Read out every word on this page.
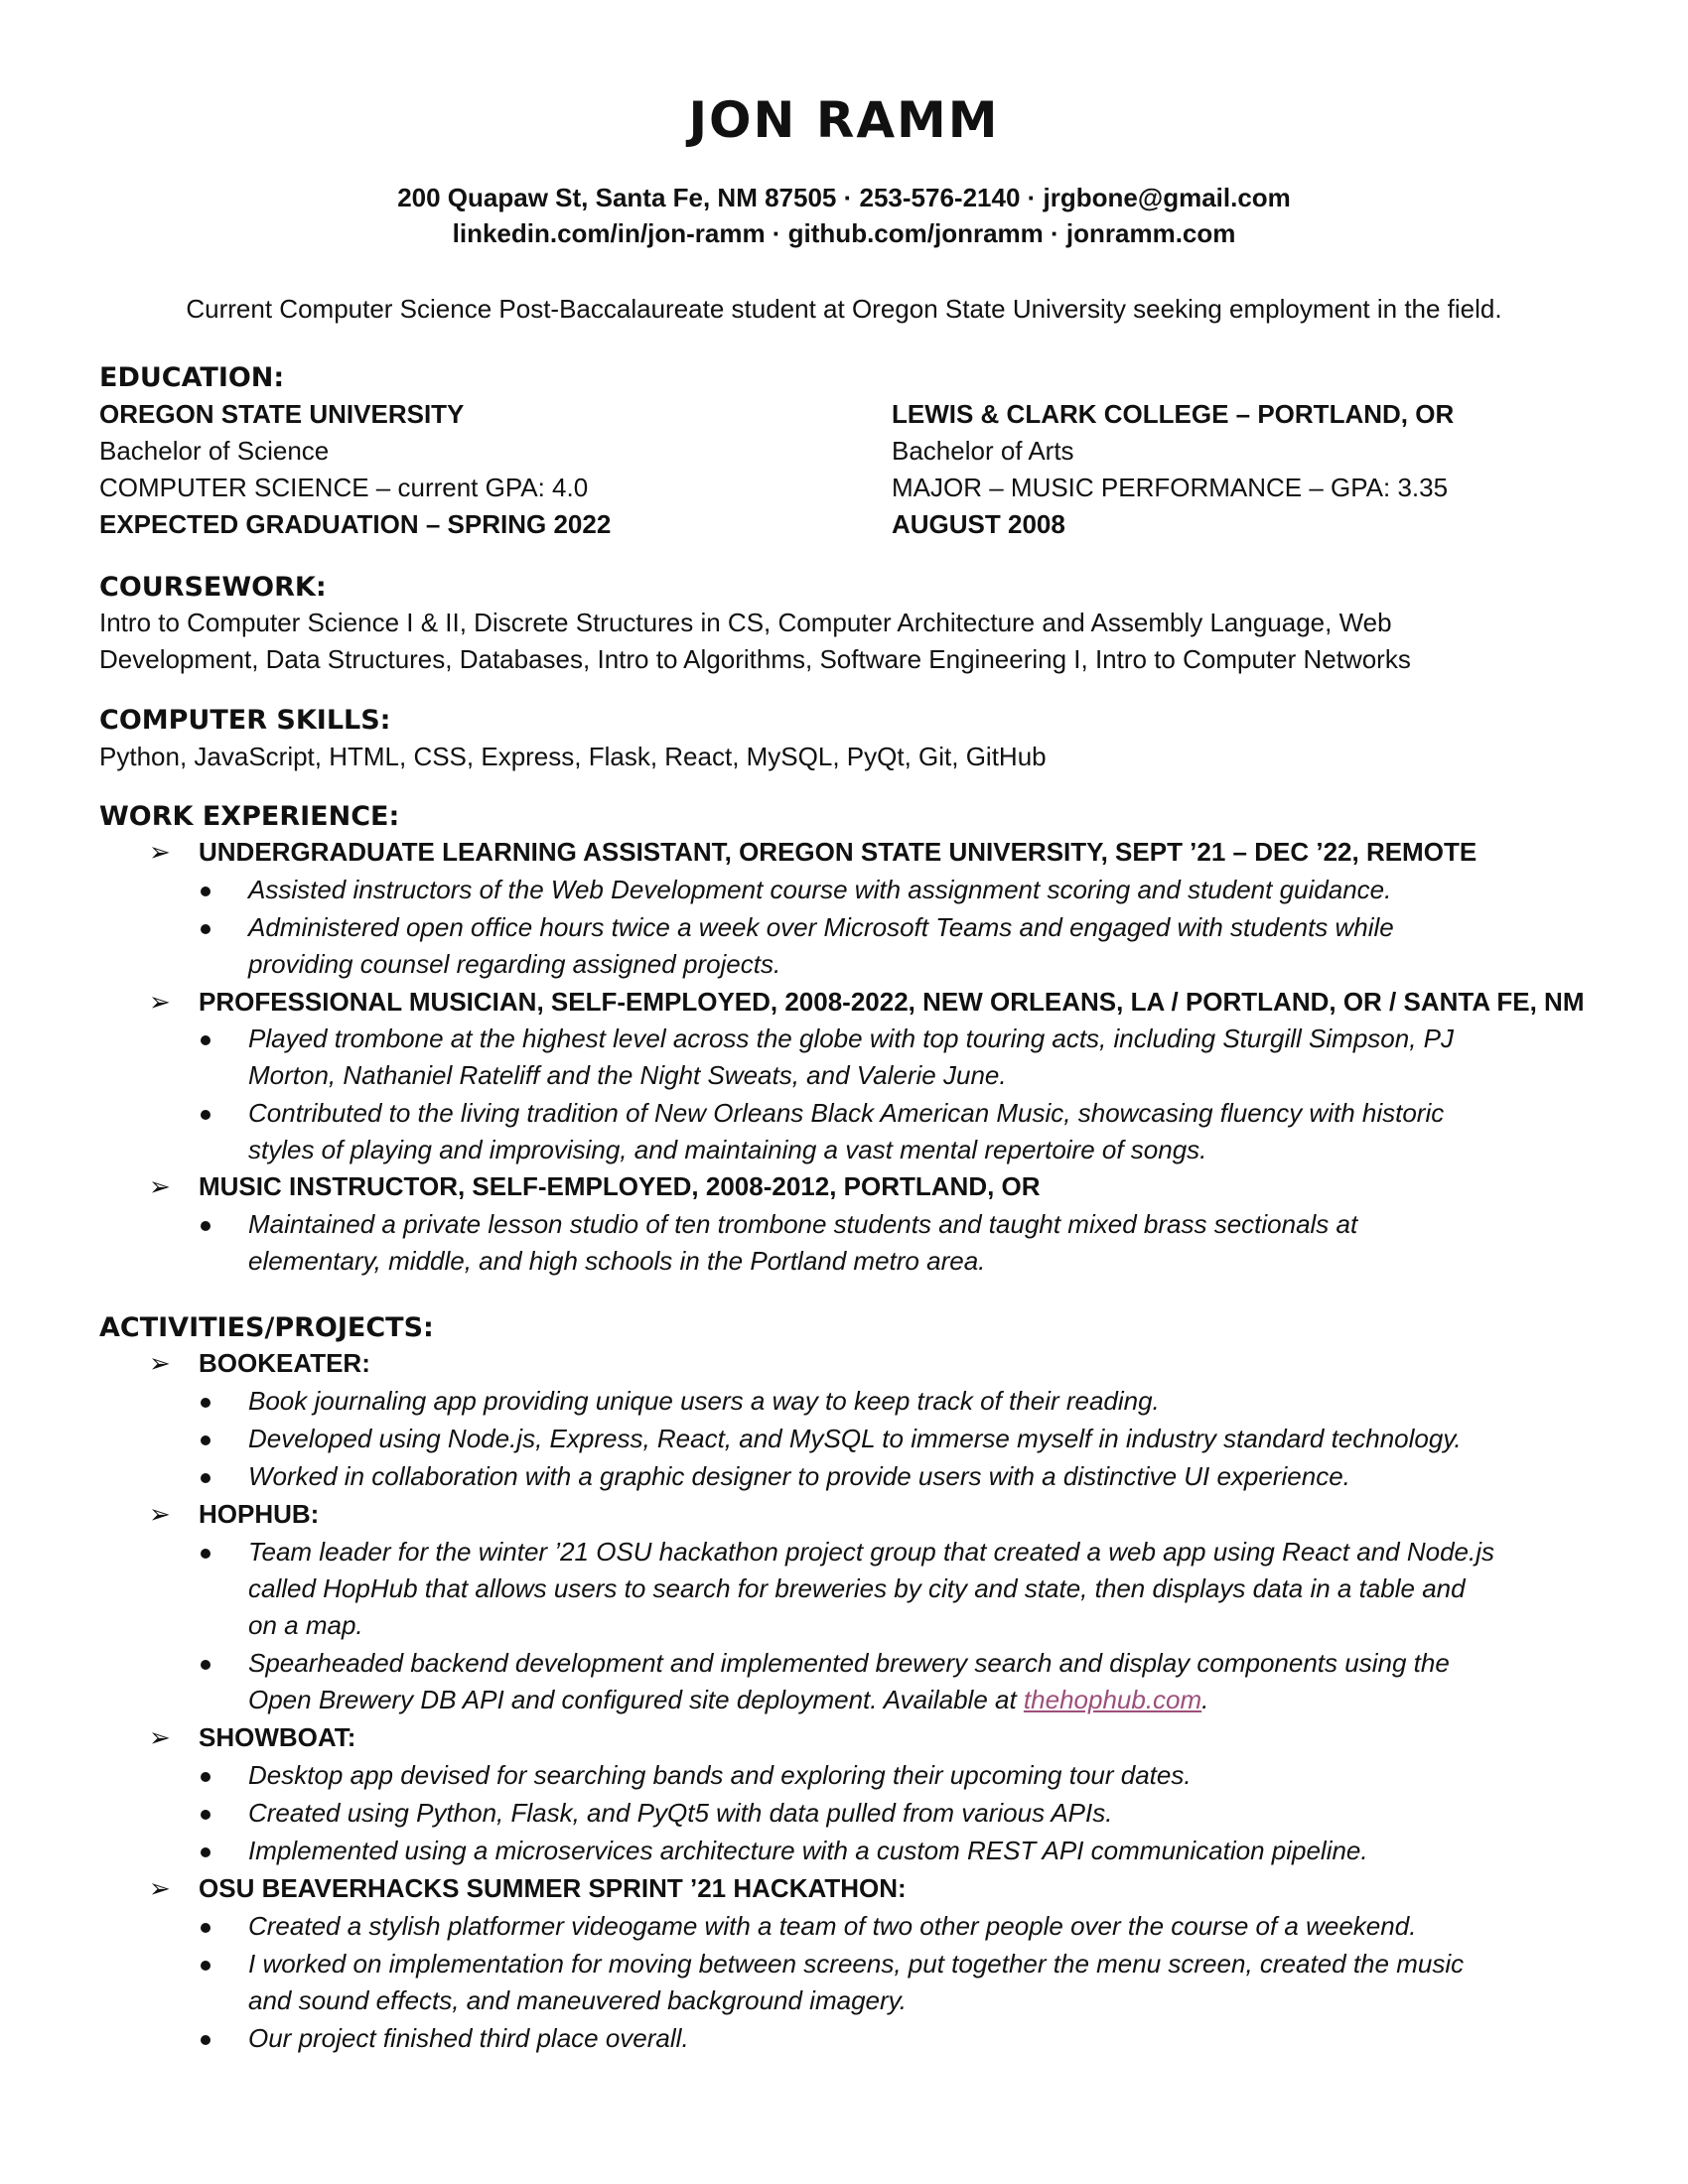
JON RAMM
200 Quapaw St, Santa Fe, NM 87505 · 253-576-2140 · jrgbone@gmail.com
linkedin.com/in/jon-ramm · github.com/jonramm · jonramm.com
Current Computer Science Post-Baccalaureate student at Oregon State University seeking employment in the field.
EDUCATION:
OREGON STATE UNIVERSITY
Bachelor of Science
COMPUTER SCIENCE – current GPA: 4.0
EXPECTED GRADUATION – SPRING 2022
LEWIS & CLARK COLLEGE – PORTLAND, OR
Bachelor of Arts
MAJOR – MUSIC PERFORMANCE – GPA: 3.35
AUGUST 2008
COURSEWORK:
Intro to Computer Science I & II, Discrete Structures in CS, Computer Architecture and Assembly Language, Web
Development, Data Structures, Databases, Intro to Algorithms, Software Engineering I, Intro to Computer Networks
COMPUTER SKILLS:
Python, JavaScript, HTML, CSS, Express, Flask, React, MySQL, PyQt, Git, GitHub
WORK EXPERIENCE:
➢ UNDERGRADUATE LEARNING ASSISTANT, OREGON STATE UNIVERSITY, SEPT ’21 – DEC ’22, REMOTE
Assisted instructors of the Web Development course with assignment scoring and student guidance.
Administered open office hours twice a week over Microsoft Teams and engaged with students while
providing counsel regarding assigned projects.
➢ PROFESSIONAL MUSICIAN, SELF-EMPLOYED, 2008-2022, NEW ORLEANS, LA / PORTLAND, OR / SANTA FE, NM
Played trombone at the highest level across the globe with top touring acts, including Sturgill Simpson, PJ
Morton, Nathaniel Rateliff and the Night Sweats, and Valerie June.
Contributed to the living tradition of New Orleans Black American Music, showcasing fluency with historic
styles of playing and improvising, and maintaining a vast mental repertoire of songs.
➢ MUSIC INSTRUCTOR, SELF-EMPLOYED, 2008-2012, PORTLAND, OR
Maintained a private lesson studio of ten trombone students and taught mixed brass sectionals at
elementary, middle, and high schools in the Portland metro area.
ACTIVITIES/PROJECTS:
➢ BOOKEATER:
Book journaling app providing unique users a way to keep track of their reading.
Developed using Node.js, Express, React, and MySQL to immerse myself in industry standard technology.
Worked in collaboration with a graphic designer to provide users with a distinctive UI experience.
➢ HOPHUB:
Team leader for the winter ’21 OSU hackathon project group that created a web app using React and Node.js
called HopHub that allows users to search for breweries by city and state, then displays data in a table and
on a map.
Spearheaded backend development and implemented brewery search and display components using the
Open Brewery DB API and configured site deployment. Available at thehophub.com.
➢ SHOWBOAT:
Desktop app devised for searching bands and exploring their upcoming tour dates.
Created using Python, Flask, and PyQt5 with data pulled from various APIs.
Implemented using a microservices architecture with a custom REST API communication pipeline.
➢ OSU BEAVERHACKS SUMMER SPRINT ’21 HACKATHON:
Created a stylish platformer videogame with a team of two other people over the course of a weekend.
I worked on implementation for moving between screens, put together the menu screen, created the music
and sound effects, and maneuvered background imagery.
Our project finished third place overall.
